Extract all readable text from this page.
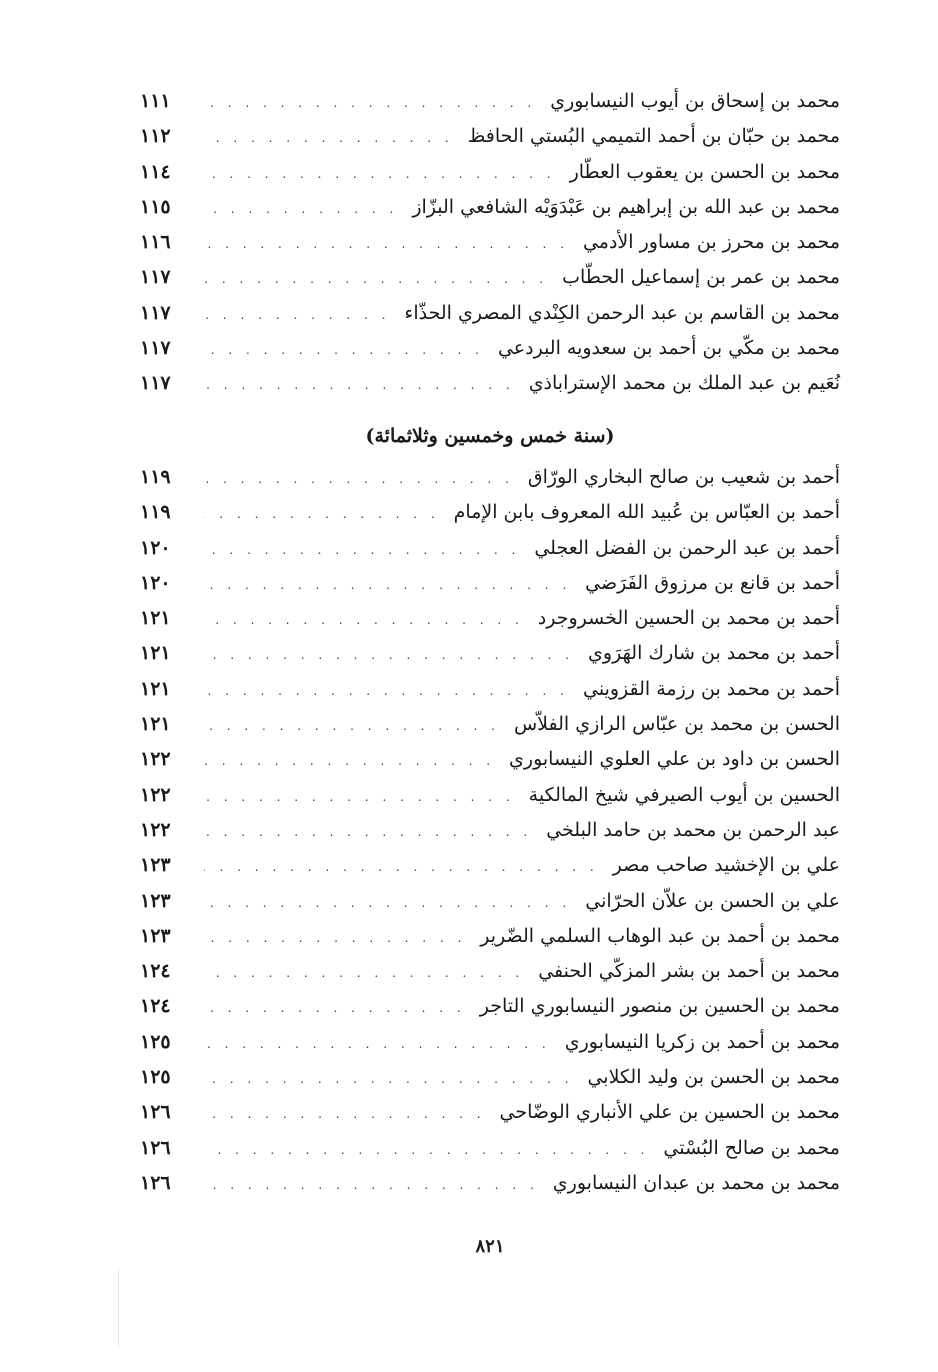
محمد بن إسحاق بن أيوب النيسابوري
. . .
١١١
محمد بن حبّان بن أحمد التميمي البُستي الحافظ
. . .
١١٢
محمد بن الحسن بن يعقوب العطّار
. . .
١١٤
محمد بن عبد الله بن إبراهيم بن عَبْدَوَيْه الشافعي البزّاز
. . .
١١٥
محمد بن محرز بن مساور الأدمي
. . .
١١٦
محمد بن عمر بن إسماعيل الحطّاب
. . .
١١٧
محمد بن القاسم بن عبد الرحمن الكِنْدي المصري الحذّاء
. . .
١١٧
محمد بن مكّي بن أحمد بن سعدويه البردعي
. . .
١١٧
نُعَيم بن عبد الملك بن محمد الإستراباذي
. . .
١١٧
(سنة خمس وخمسين وثلاثمائة)
أحمد بن شعيب بن صالح البخاري الورّاق
. . .
١١٩
أحمد بن العبّاس بن عُبيد الله المعروف بابن الإمام
. . .
١١٩
أحمد بن عبد الرحمن بن الفضل العجلي
. . .
١٢٠
أحمد بن قانع بن مرزوق الفَرَضي
. . .
١٢٠
أحمد بن محمد بن الحسين الخسروجرد
. . .
١٢١
أحمد بن محمد بن شارك الهَرَوي
. . .
١٢١
أحمد بن محمد بن رزمة القزويني
. . .
١٢١
الحسن بن محمد بن عبّاس الرازي الفلاّس
. . .
١٢١
الحسن بن داود بن علي العلوي النيسابوري
. . .
١٢٢
الحسين بن أيوب الصيرفي شيخ المالكية
. . .
١٢٢
عبد الرحمن بن محمد بن حامد البلخي
. . .
١٢٢
علي بن الإخشيد صاحب مصر
. . .
١٢٣
علي بن الحسن بن علاّن الحرّاني
. . .
١٢٣
محمد بن أحمد بن عبد الوهاب السلمي الضّرير
. . .
١٢٣
محمد بن أحمد بن بشر المزكّي الحنفي
. . .
١٢٤
محمد بن الحسين بن منصور النيسابوري التاجر
. . .
١٢٤
محمد بن أحمد بن زكريا النيسابوري
. . .
١٢٥
محمد بن الحسن بن وليد الكلابي
. . .
١٢٥
محمد بن الحسين بن علي الأنباري الوضّاحي
. . .
١٢٦
محمد بن صالح البُسْتي
. . .
١٢٦
محمد بن محمد بن عبدان النيسابوري
. . .
١٢٦
٨٢١
